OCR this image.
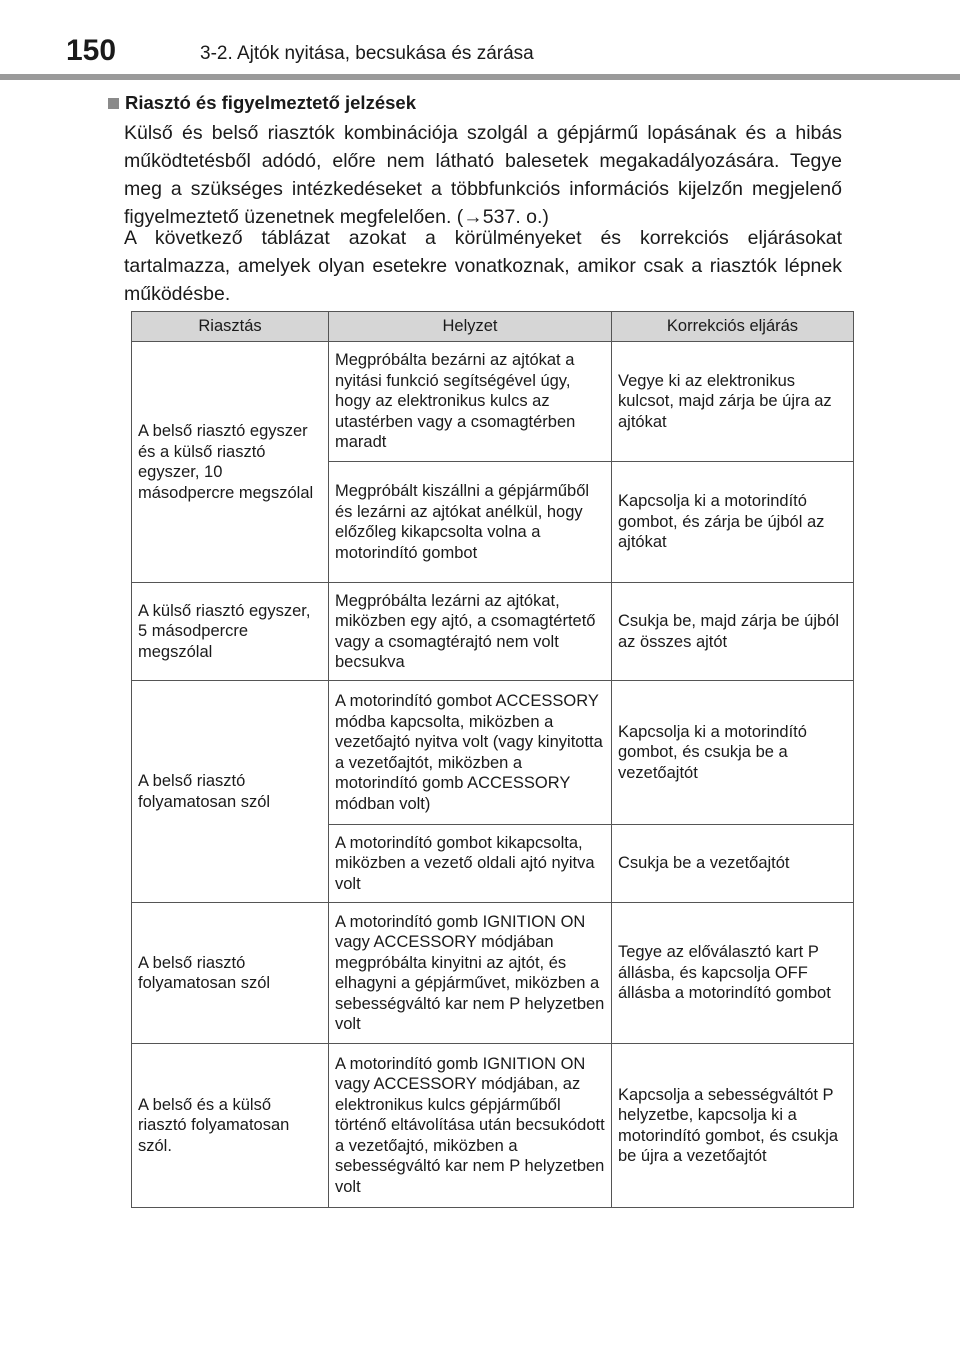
150	3-2. Ajtók nyitása, becsukása és zárása
Riasztó és figyelmeztető jelzések

Külső és belső riasztók kombinációja szolgál a gépjármű lopásának és a hibás működtetésből adódó, előre nem látható balesetek megakadályozására. Tegye meg a szükséges intézkedéseket a többfunkciós információs kijelzőn megjelenő figyelmeztető üzenetnek megfelelően. (→537. o.)

A következő táblázat azokat a körülményeket és korrekciós eljárásokat tartalmazza, amelyek olyan esetekre vonatkoznak, amikor csak a riasztók lépnek működésbe.

Riasztás	Helyzet	Korrekciós eljárás
A belső riasztó egyszer és a külső riasztó egyszer, 10 másodpercre megszólal	Megpróbálta bezárni az ajtókat a nyitási funkció segítségével úgy, hogy az elektronikus kulcs az utastérben vagy a csomagtérben maradt	Vegye ki az elektronikus kulcsot, majd zárja be újra az ajtókat
	Megpróbált kiszállni a gépjárműből és lezárni az ajtókat anélkül, hogy előzőleg kikapcsolta volna a motorindító gombot	Kapcsolja ki a motorindító gombot, és zárja be újból az ajtókat
A külső riasztó egyszer, 5 másodpercre megszólal	Megpróbálta lezárni az ajtókat, miközben egy ajtó, a csomagtértető vagy a csomagtérajtó nem volt becsukva	Csukja be, majd zárja be újból az összes ajtót
A belső riasztó folyamatosan szól	A motorindító gombot ACCESSORY módba kapcsolta, miközben a vezetőajtó nyitva volt (vagy kinyitotta a vezetőajtót, miközben a motorindító gomb ACCESSORY módban volt)	Kapcsolja ki a motorindító gombot, és csukja be a vezetőajtót
	A motorindító gombot kikapcsolta, miközben a vezető oldali ajtó nyitva volt	Csukja be a vezetőajtót
A belső riasztó folyamatosan szól	A motorindító gomb IGNITION ON vagy ACCESSORY módjában megpróbálta kinyitni az ajtót, és elhagyni a gépjárművet, miközben a sebességváltó kar nem P helyzetben volt	Tegye az előválasztó kart P állásba, és kapcsolja OFF állásba a motorindító gombot
A belső és a külső riasztó folyamatosan szól.	A motorindító gomb IGNITION ON vagy ACCESSORY módjában, az elektronikus kulcs gépjárműből történő eltávolítása után becsukódott a vezetőajtó, miközben a sebességváltó kar nem P helyzetben volt	Kapcsolja a sebességváltót P helyzetbe, kapcsolja ki a motorindító gombot, és csukja be újra a vezetőajtót
